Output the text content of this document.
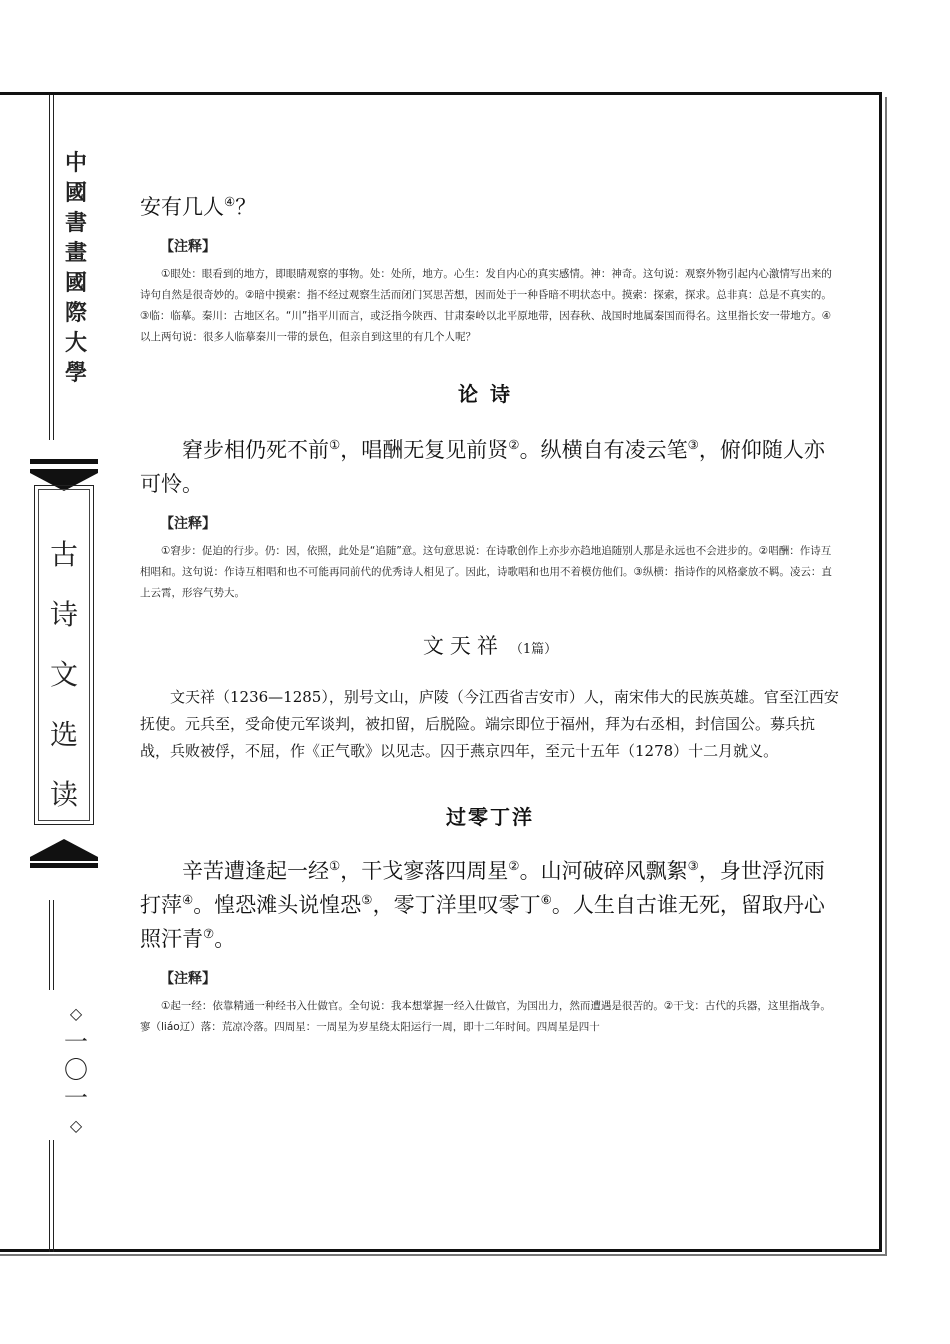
中
國
書
畫
國
際
大
學
古
诗
文
选
读
◇
一
〇
一
◇

安有几人④？

【注释】

①眼处：眼看到的地方，即眼睛观察的事物。处：处所，地方。心生：发自内心的真实感情。神：神奇。这句说：观察外物引起内心激情写出来的诗句自然是很奇妙的。②暗中摸索：指不经过观察生活而闭门冥思苦想，因而处于一种昏暗不明状态中。摸索：探索，探求。总非真：总是不真实的。③临：临摹。秦川：古地区名。“川”指平川而言，或泛指今陕西、甘肃秦岭以北平原地带，因春秋、战国时地属秦国而得名。这里指长安一带地方。④以上两句说：很多人临摹秦川一带的景色，但亲自到这里的有几个人呢？

论诗

窘步相仍死不前①，唱酬无复见前贤②。纵横自有凌云笔③，俯仰随人亦可怜。

【注释】

①窘步：促迫的行步。仍：因，依照，此处是“追随”意。这句意思说：在诗歌创作上亦步亦趋地追随别人那是永远也不会进步的。②唱酬：作诗互相唱和。这句说：作诗互相唱和也不可能再同前代的优秀诗人相见了。因此，诗歌唱和也用不着模仿他们。③纵横：指诗作的风格豪放不羁。凌云：直上云霄，形容气势大。

文天祥 （1篇）

文天祥（1236—1285），别号文山，庐陵（今江西省吉安市）人，南宋伟大的民族英雄。官至江西安抚使。元兵至，受命使元军谈判，被扣留，后脱险。端宗即位于福州，拜为右丞相，封信国公。募兵抗战，兵败被俘，不屈，作《正气歌》以见志。囚于燕京四年，至元十五年（1278）十二月就义。

过零丁洋

辛苦遭逢起一经①，干戈寥落四周星②。山河破碎风飘絮③，身世浮沉雨打萍④。惶恐滩头说惶恐⑤，零丁洋里叹零丁⑥。人生自古谁无死，留取丹心照汗青⑦。

【注释】

①起一经：依靠精通一种经书入仕做官。全句说：我本想掌握一经入仕做官，为国出力，然而遭遇是很苦的。②干戈：古代的兵器，这里指战争。寥（liáo辽）落：荒凉冷落。四周星：一周星为岁星绕太阳运行一周，即十二年时间。四周星是四十
